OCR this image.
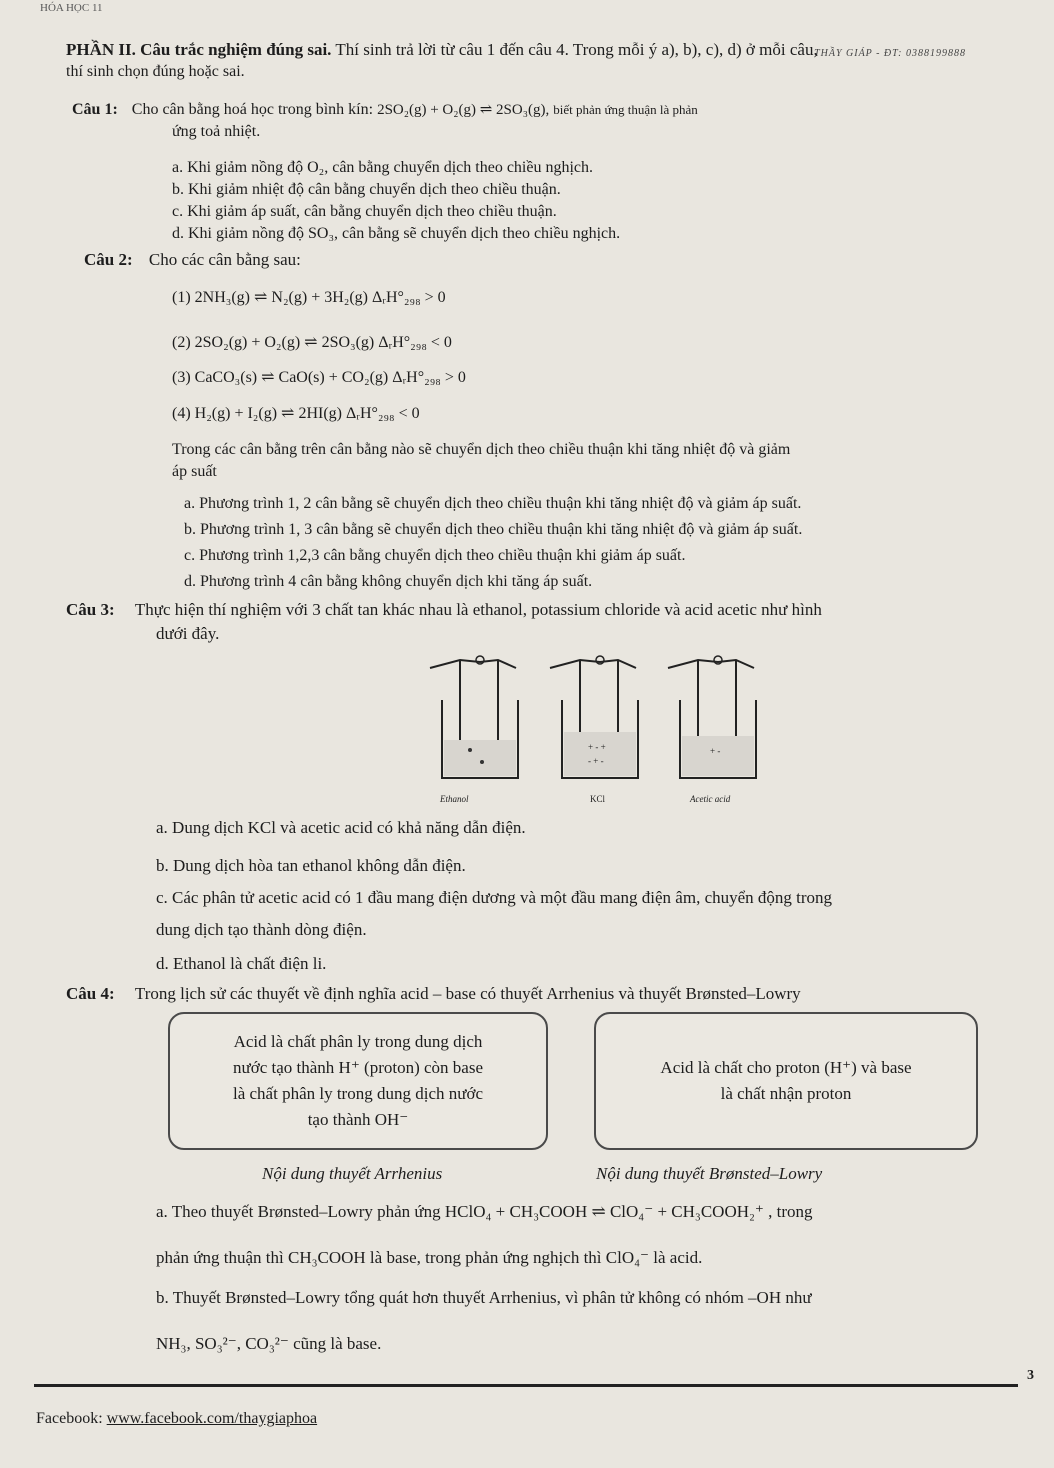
HÓA HỌC 11
THẦY GIÁP - ĐT: 0388199888
PHẦN II. Câu trắc nghiệm đúng sai. Thí sinh trả lời từ câu 1 đến câu 4. Trong mỗi ý a), b), c), d) ở mỗi câu,
thí sinh chọn đúng hoặc sai.
Câu 1: Cho cân bằng hoá học trong bình kín: 2SO₂(g) + O₂(g) ⇌ 2SO₃(g), biết phản ứng thuận là phản
ứng toả nhiệt.
a. Khi giảm nồng độ O₂, cân bằng chuyển dịch theo chiều nghịch.
b. Khi giảm nhiệt độ cân bằng chuyển dịch theo chiều thuận.
c. Khi giảm áp suất, cân bằng chuyển dịch theo chiều thuận.
d. Khi giảm nồng độ SO₃, cân bằng sẽ chuyển dịch theo chiều nghịch.
Câu 2: Cho các cân bằng sau:
(1) 2NH₃(g) ⇌ N₂(g) + 3H₂(g) ΔᵣH°₂₉₈ > 0
(2) 2SO₂(g) + O₂(g) ⇌ 2SO₃(g) ΔᵣH°₂₉₈ < 0
(3) CaCO₃(s) ⇌ CaO(s) + CO₂(g) ΔᵣH°₂₉₈ > 0
(4) H₂(g) + I₂(g) ⇌ 2HI(g) ΔᵣH°₂₉₈ < 0
Trong các cân bằng trên cân bằng nào sẽ chuyển dịch theo chiều thuận khi tăng nhiệt độ và giảm
áp suất
a. Phương trình 1, 2 cân bằng sẽ chuyển dịch theo chiều thuận khi tăng nhiệt độ và giảm áp suất.
b. Phương trình 1, 3 cân bằng sẽ chuyển dịch theo chiều thuận khi tăng nhiệt độ và giảm áp suất.
c. Phương trình 1,2,3 cân bằng chuyển dịch theo chiều thuận khi giảm áp suất.
d. Phương trình 4 cân bằng không chuyển dịch khi tăng áp suất.
Câu 3: Thực hiện thí nghiệm với 3 chất tan khác nhau là ethanol, potassium chloride và acid acetic như hình
dưới đây.
+ - +
- + -
+ -
Ethanol	KCl	Acetic acid
a. Dung dịch KCl và acetic acid có khả năng dẫn điện.
b. Dung dịch hòa tan ethanol không dẫn điện.
c. Các phân tử acetic acid có 1 đầu mang điện dương và một đầu mang điện âm, chuyển động trong
dung dịch tạo thành dòng điện.
d. Ethanol là chất điện li.
Câu 4: Trong lịch sử các thuyết về định nghĩa acid – base có thuyết Arrhenius và thuyết Brønsted–Lowry
Acid là chất phân ly trong dung dịch
nước tạo thành H⁺ (proton) còn base
là chất phân ly trong dung dịch nước
tạo thành OH⁻
Acid là chất cho proton (H⁺) và base
là chất nhận proton
Nội dung thuyết Arrhenius	Nội dung thuyết Brønsted–Lowry
a. Theo thuyết Brønsted–Lowry phản ứng HClO₄ + CH₃COOH ⇌ ClO₄⁻ + CH₃COOH₂⁺ , trong
phản ứng thuận thì CH₃COOH là base, trong phản ứng nghịch thì ClO₄⁻ là acid.
b. Thuyết Brønsted–Lowry tổng quát hơn thuyết Arrhenius, vì phân tử không có nhóm –OH như
NH₃, SO₃²⁻, CO₃²⁻ cũng là base.
3
Facebook: www.facebook.com/thaygiaphoa
